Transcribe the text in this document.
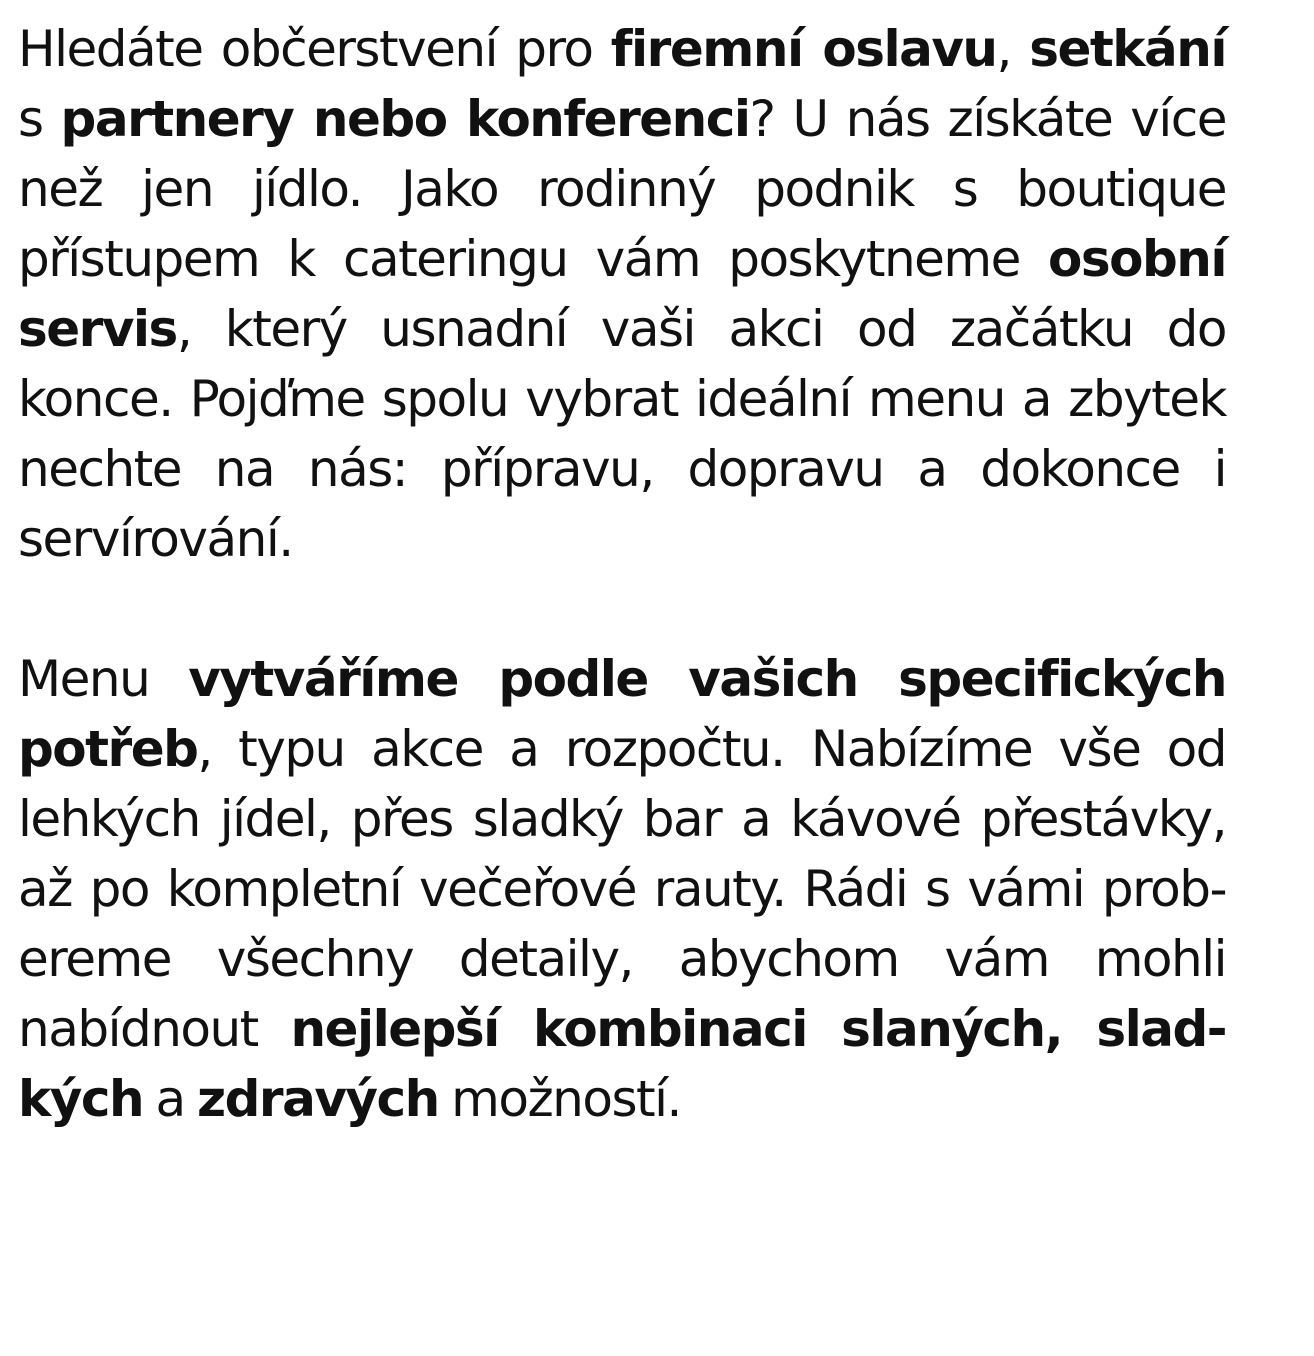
Hledáte občerstvení pro firemní oslavu, setkání s partnery nebo konferenci? U nás získáte více než jen jídlo. Jako rodinný podnik s boutique přístupem k cateringu vám poskytneme osobní servis, který usnadní vaši akci od začátku do konce. Pojďme spolu vybrat ideální menu a zbytek nechte na nás: přípravu, dopravu a dokonce i servírování.

Menu vytváříme podle vašich specifických potřeb, typu akce a rozpočtu. Nabízíme vše od lehkých jídel, přes sladký bar a kávové přestávky, až po kompletní večeřové rauty. Rádi s vámi prob-ereme všechny detaily, abychom vám mohli nabídnout nejlepší kombinaci slaných, slad-kých a zdravých možností.
